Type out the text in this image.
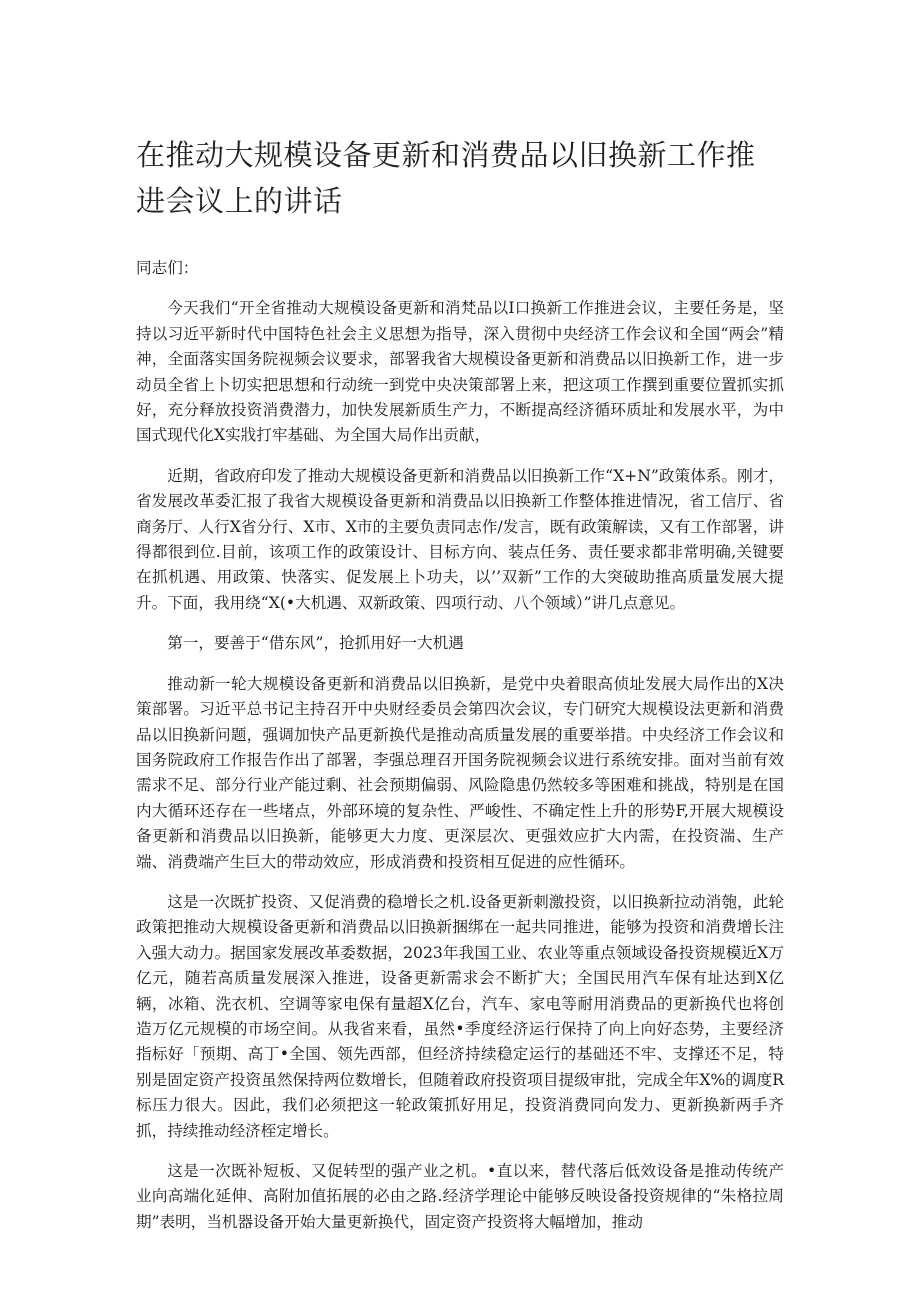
在推动大规模设备更新和消费品以旧换新工作推进会议上的讲话

同志们：

今天我们“开全省推动大规模设备更新和消梵品以I口换新工作推进会议，主要任务是，坚持以习近平新时代中国特色社会主义思想为指导，深入贯彻中央经济工作会议和全国“两会”精神，全面落实国务院视频会议要求，部署我省大规模设备更新和消费品以旧换新工作，进一步动员全省上卜切实把思想和行动统一到党中央决策部署上来，把这项工作撰到重要位置抓实抓好，充分释放投资消费潜力，加快发展新质生产力，不断提高经济循环质址和发展水平，为中国式现代化X实戕打牢基础、为全国大局作出贡献，

近期，省政府印发了推动大规模设备更新和消费品以旧换新工作“X+N”政策体系。刚才，省发展改革委汇报了我省大规模设备更新和消费品以旧换新工作整体推进情况，省工信厅、省商务厅、人行X省分行、X市、X市的主要负责同志作/发言，既有政策解读，又有工作部署，讲得都很到位.目前，该项工作的政策设计、目标方向、装点任务、责任要求都非常明确,关键要在抓机遇、用政策、快落实、促发展上卜功夫，以’’双新”工作的大突破助推高质量发展大提升。下面，我用绕“X(•大机遇、双新政策、四项行动、八个领域）”讲几点意见。

第一，要善于“借东风”，抢抓用好一大机遇

推动新一轮大规模设备更新和消费品以旧换新，是党中央着眼高侦址发展大局作出的X决策部署。习近平总书记主持召开中央财经委员会第四次会议，专门研究大规模设法更新和消费品以旧换新问题，强调加快产品更新换代是推动高质量发展的重要举措。中央经济工作会议和国务院政府工作报告作出了部署，李强总理召开国务院视频会议进行系统安排。面对当前有效需求不足、部分行业产能过剩、社会预期偏弱、风险隐患仍然较多等困难和挑战，特别是在国内大循环还存在一些堵点，外部环境的复杂性、严峻性、不确定性上升的形势F,开展大规模设备更新和消费品以旧换新，能够更大力度、更深层次、更强效应扩大内需，在投资湍、生产端、消费端产生巨大的带动效应，形成消费和投资相互促进的应性循环。

这是一次既扩投资、又促消费的稳增长之机.设备更新刺激投资，以旧换新拉动消匏，此轮政策把推动大规模设备更新和消费品以旧换新捆绑在一起共同推进，能够为投资和消费增长注入强大动力。据国家发展改革委数据，2023年我国工业、农业等重点领域设备投资规模近X万亿元，随若高质量发展深入推进，设备更新需求会不断扩大；全国民用汽车保有址达到X亿辆，冰箱、洗衣机、空调等家电保有量超X亿台，汽车、家电等耐用消费品的更新换代也将创造万亿元规模的市场空间。从我省来看，虽然•季度经济运行保持了向上向好态势，主要经济指标好「预期、高丁•全国、领先西部，但经济持续稳定运行的基础还不牢、支撑还不足，特别是固定资产投资虽然保持两位数增长，但随着政府投资项目提级审批，完成全年X%的调度R标压力很大。因此，我们必须把这一轮政策抓好用足，投资消费同向发力、更新换新两手齐抓，持续推动经济桎定增长。

这是一次既补短板、又促转型的强产业之机。•直以来，替代落后低效设备是推动传统产业向高端化延伸、高附加值拓展的必由之路.经济学理论中能够反映设备投资规律的“朱格拉周期”表明，当机器设备开始大量更新换代，固定资产投资将大幅增加，推动
